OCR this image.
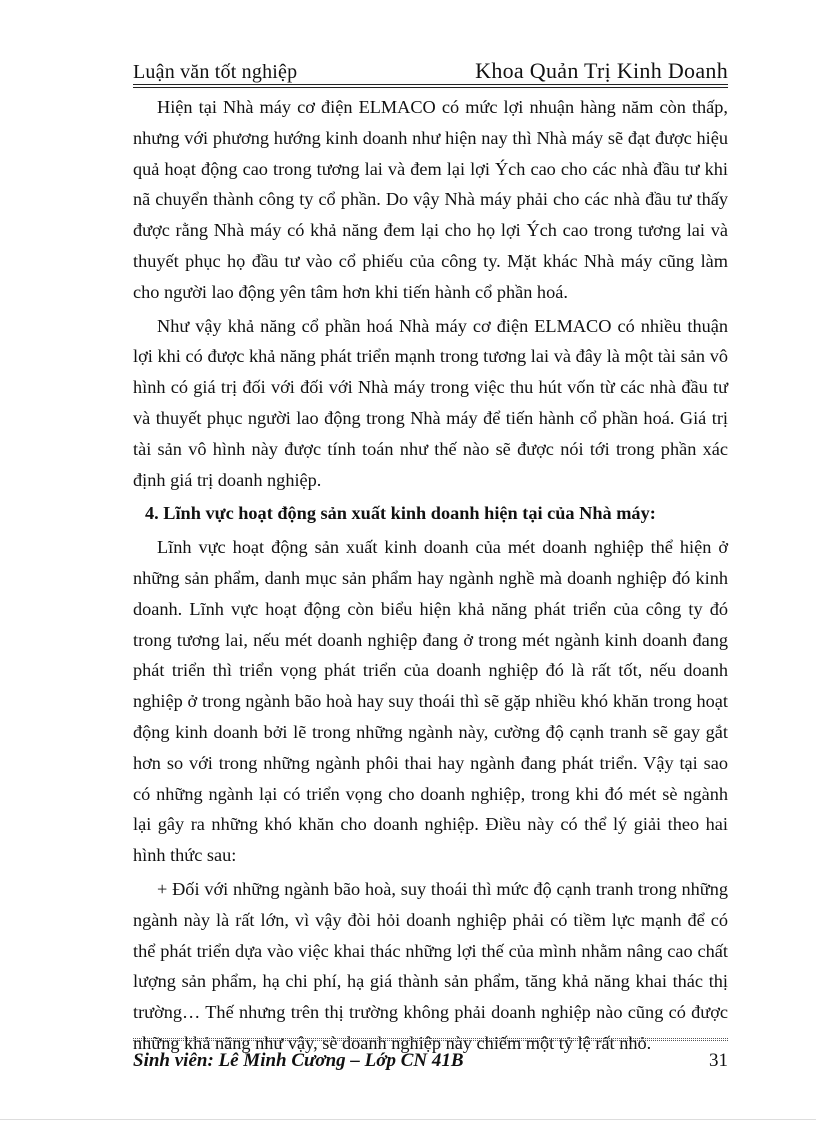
Luận văn tốt nghiệp	Khoa Quản Trị Kinh Doanh

Hiện tại Nhà máy cơ điện ELMACO có mức lợi nhuận hàng năm còn thấp, nhưng với phương hướng kinh doanh như hiện nay thì Nhà máy sẽ đạt được hiệu quả hoạt động cao trong tương lai và đem lại lợi Ých cao cho các nhà đầu tư khi nã chuyển thành công ty cổ phần. Do vậy Nhà máy phải cho các nhà đầu tư thấy được rằng Nhà máy có khả năng đem lại cho họ lợi Ých cao trong tương lai và thuyết phục họ đầu tư vào cổ phiếu của công ty. Mặt khác Nhà máy cũng làm cho người lao động yên tâm hơn khi tiến hành cổ phần hoá.

Như vậy khả năng cổ phần hoá Nhà máy cơ điện ELMACO có nhiều thuận lợi khi có được khả năng phát triển mạnh trong tương lai và đây là một tài sản vô hình có giá trị đối với đối với Nhà máy trong việc thu hút vốn từ các nhà đầu tư và thuyết phục người lao động trong Nhà máy để tiến hành cổ phần hoá. Giá trị tài sản vô hình này được tính toán như thế nào sẽ được nói tới trong phần xác định giá trị doanh nghiệp.

4. Lĩnh vực hoạt động sản xuất kinh doanh hiện tại của Nhà máy:

Lĩnh vực hoạt động sản xuất kinh doanh của mét doanh nghiệp thể hiện ở những sản phẩm, danh mục sản phẩm hay ngành nghề mà doanh nghiệp đó kinh doanh. Lĩnh vực hoạt động còn biểu hiện khả năng phát triển của công ty đó trong tương lai, nếu mét doanh nghiệp đang ở trong mét ngành kinh doanh đang phát triển thì triển vọng phát triển của doanh nghiệp đó là rất tốt, nếu doanh nghiệp ở trong ngành bão hoà hay suy thoái thì sẽ gặp nhiều khó khăn trong hoạt động kinh doanh bởi lẽ trong những ngành này, cường độ cạnh tranh sẽ gay gắt hơn so với trong những ngành phôi thai hay ngành đang phát triển. Vậy tại sao có những ngành lại có triển vọng cho doanh nghiệp, trong khi đó mét sè ngành lại gây ra những khó khăn cho doanh nghiệp. Điều này có thể lý giải theo hai hình thức sau:

+ Đối với những ngành bão hoà, suy thoái thì mức độ cạnh tranh trong những ngành này là rất lớn, vì vậy đòi hỏi doanh nghiệp phải có tiềm lực mạnh để có thể phát triển dựa vào việc khai thác những lợi thế của mình nhằm nâng cao chất lượng sản phẩm, hạ chi phí, hạ giá thành sản phẩm, tăng khả năng khai thác thị trường… Thế nhưng trên thị trường không phải doanh nghiệp nào cũng có được những khả năng như vậy, sè doanh nghiệp này chiếm một tỷ lệ rất nhỏ.

Sinh viên: Lê Minh Cương – Lớp CN 41B	31
